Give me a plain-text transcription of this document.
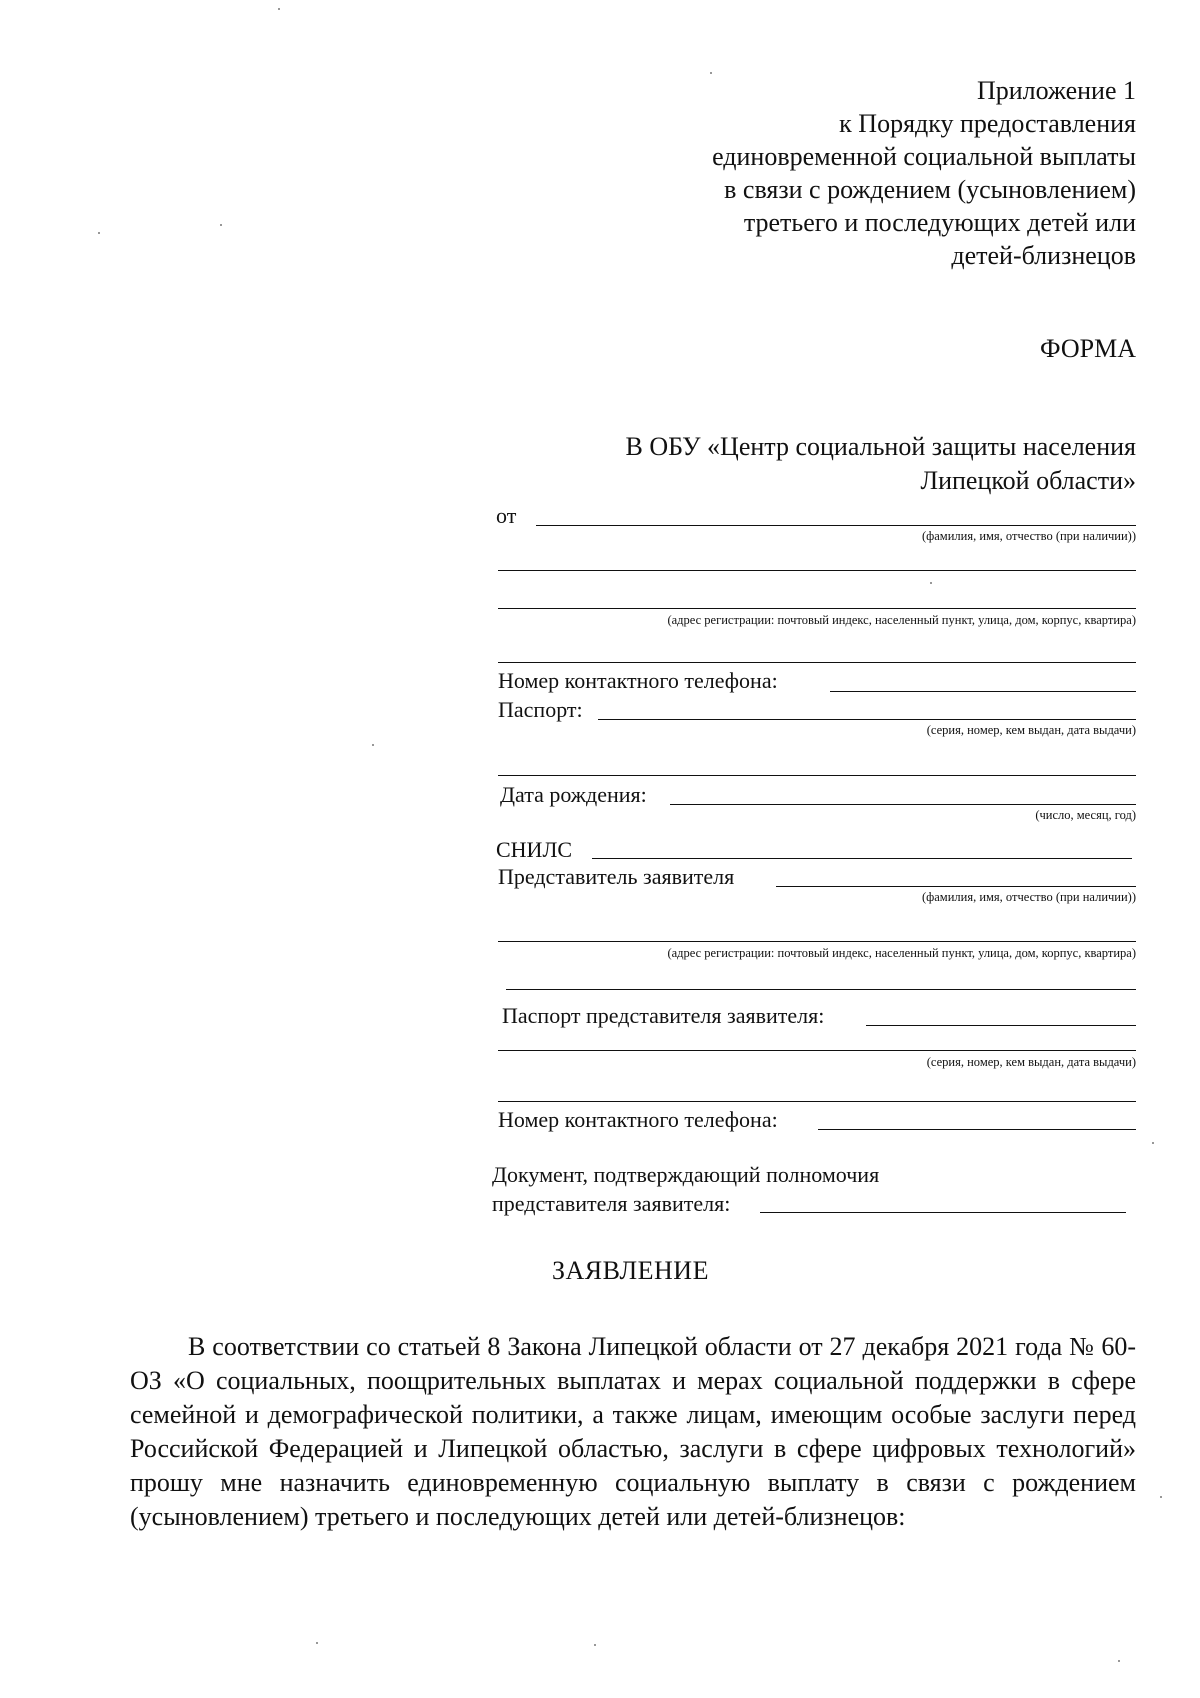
Приложение 1
к Порядку предоставления
единовременной социальной выплаты
в связи с рождением (усыновлением)
третьего и последующих детей или
детей-близнецов
ФОРМА
В ОБУ «Центр социальной защиты населения
Липецкой области»
от
(фамилия, имя, отчество (при наличии))
(адрес регистрации: почтовый индекс, населенный пункт, улица, дом, корпус, квартира)
Номер контактного телефона:
Паспорт:
(серия, номер, кем выдан, дата выдачи)
Дата рождения:
(число, месяц, год)
СНИЛС
Представитель заявителя
(фамилия, имя, отчество (при наличии))
(адрес регистрации: почтовый индекс, населенный пункт, улица, дом, корпус, квартира)
Паспорт представителя заявителя:
(серия, номер, кем выдан, дата выдачи)
Номер контактного телефона:
Документ, подтверждающий полномочия
представителя заявителя:
ЗАЯВЛЕНИЕ

В соответствии со статьей 8 Закона Липецкой области от 27 декабря 2021 года № 60-ОЗ «О социальных, поощрительных выплатах и мерах социальной поддержки в сфере семейной и демографической политики, а также лицам, имеющим особые заслуги перед Российской Федерацией и Липецкой областью, заслуги в сфере цифровых технологий» прошу мне назначить единовременную социальную выплату в связи с рождением (усыновлением) третьего и последующих детей или детей-близнецов:
